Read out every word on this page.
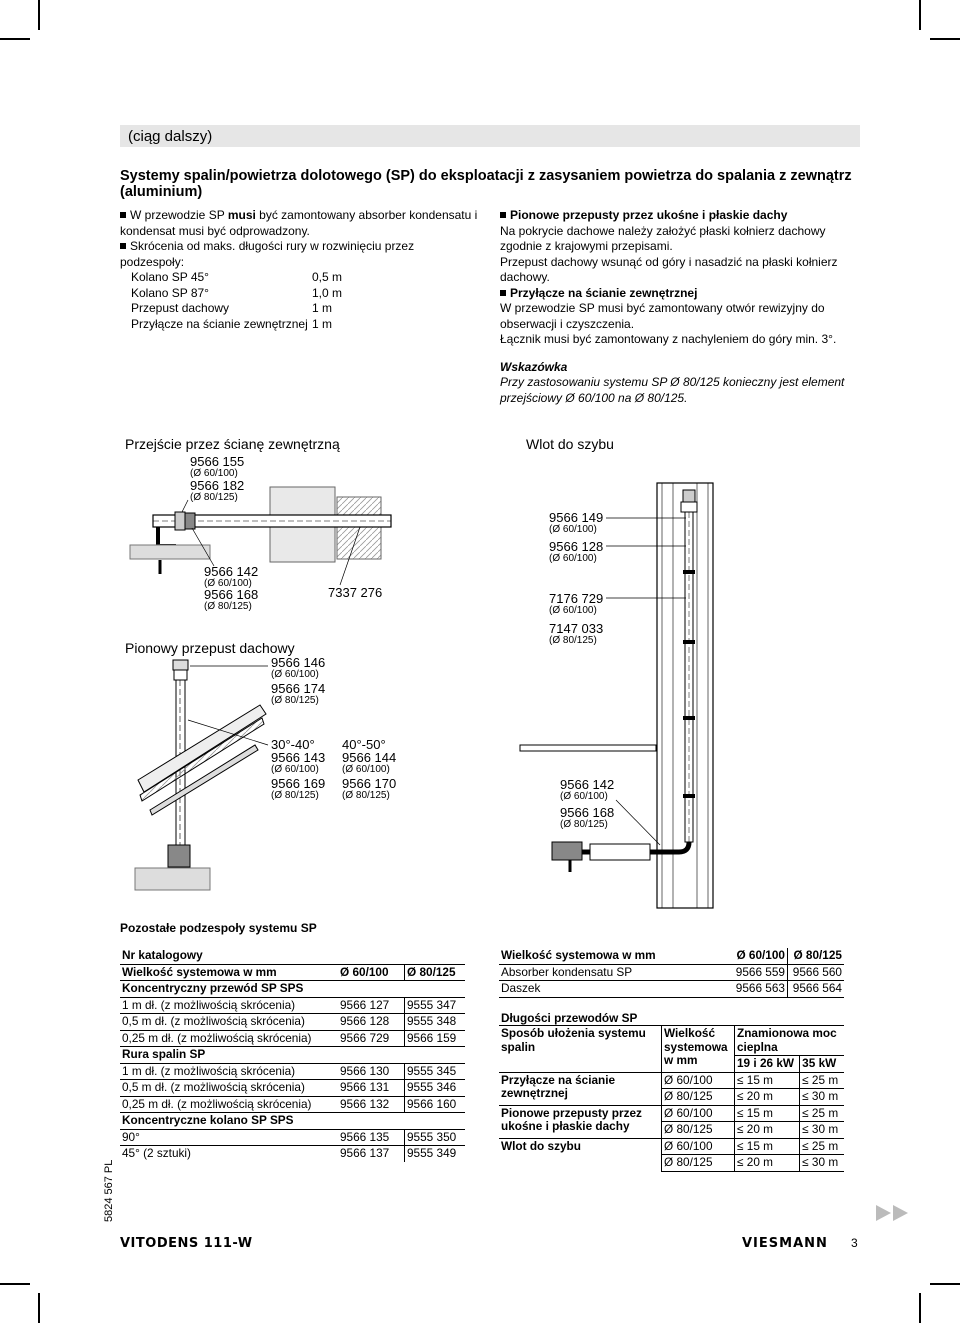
(ciąg dalszy)
Systemy spalin/powietrza dolotowego (SP) do eksploatacji z zasysaniem powietrza do spalania z zewnątrz (aluminium)
W przewodzie SP musi być zamontowany absorber kondensatu i kondensat musi być odprowadzony.
Skrócenia od maks. długości rury w rozwinięciu przez podzespoły:
Kolano SP 45°	0,5 m
Kolano SP 87°	1,0 m
Przepust dachowy	1 m
Przyłącze na ścianie zewnętrznej 1 m
Pionowe przepusty przez ukośne i płaskie dachy
Na pokrycie dachowe należy założyć płaski kołnierz dachowy zgodnie z krajowymi przepisami.
Przepust dachowy wsunąć od góry i nasadzić na płaski kołnierz dachowy.
Przyłącze na ścianie zewnętrznej
W przewodzie SP musi być zamontowany otwór rewizyjny do obserwacji i czyszczenia.
Łącznik musi być zamontowany z nachyleniem do góry min. 3°.
Wskazówka
Przy zastosowaniu systemu SP Ø 80/125 konieczny jest element przejściowy Ø 60/100 na Ø 80/125.
Przejście przez ścianę zewnętrzną
Pionowy przepust dachowy
Wlot do szybu
9566 155
(Ø 60/100)
9566 182
(Ø 80/125)
9566 142
(Ø 60/100)
9566 168
(Ø 80/125)
7337 276
9566 146
(Ø 60/100)
9566 174
(Ø 80/125)
30°-40°
9566 143
(Ø 60/100)
9566 169
(Ø 80/125)
40°-50°
9566 144
(Ø 60/100)
9566 170
(Ø 80/125)
9566 149
(Ø 60/100)
9566 128
(Ø 60/100)
7176 729
(Ø 60/100)
7147 033
(Ø 80/125)
9566 142
(Ø 60/100)
9566 168
(Ø 80/125)
Pozostałe podzespoły systemu SP
Nr katalogowy		
Wielkość systemowa w mm	Ø 60/100	Ø 80/125
Koncentryczny przewód SP SPS		
1 m dł. (z możliwością skrócenia)	9566 127	9555 347
0,5 m dł. (z możliwością skrócenia)	9566 128	9555 348
0,25 m dł. (z możliwością skrócenia)	9566 729	9566 159
Rura spalin SP		
1 m dł. (z możliwością skrócenia)	9566 130	9555 345
0,5 m dł. (z możliwością skrócenia)	9566 131	9555 346
0,25 m dł. (z możliwością skrócenia)	9566 132	9566 160
Koncentryczne kolano SP SPS		
90°	9566 135	9555 350
45° (2 sztuki)	9566 137	9555 349
Wielkość systemowa w mm	Ø 60/100	Ø 80/125
Absorber kondensatu SP	9566 559	9566 560
Daszek	9566 563	9566 564
Długości przewodów SP
Sposób ułożenia systemu spalin	Wielkość systemowa w mm	Znamionowa moc cieplna	

		19 i 26 kW	35 kW
Przyłącze na ścianie zewnętrznej	Ø 60/100	≤ 15 m	≤ 25 m
	Ø 80/125	≤ 20 m	≤ 30 m
Pionowe przepusty przez ukośne i płaskie dachy	Ø 60/100	≤ 15 m	≤ 25 m
	Ø 80/125	≤ 20 m	≤ 30 m
Wlot do szybu	Ø 60/100	≤ 15 m	≤ 25 m
	Ø 80/125	≤ 20 m	≤ 30 m
5824 567 PL
VITODENS 111-W	VIESMANN 3
